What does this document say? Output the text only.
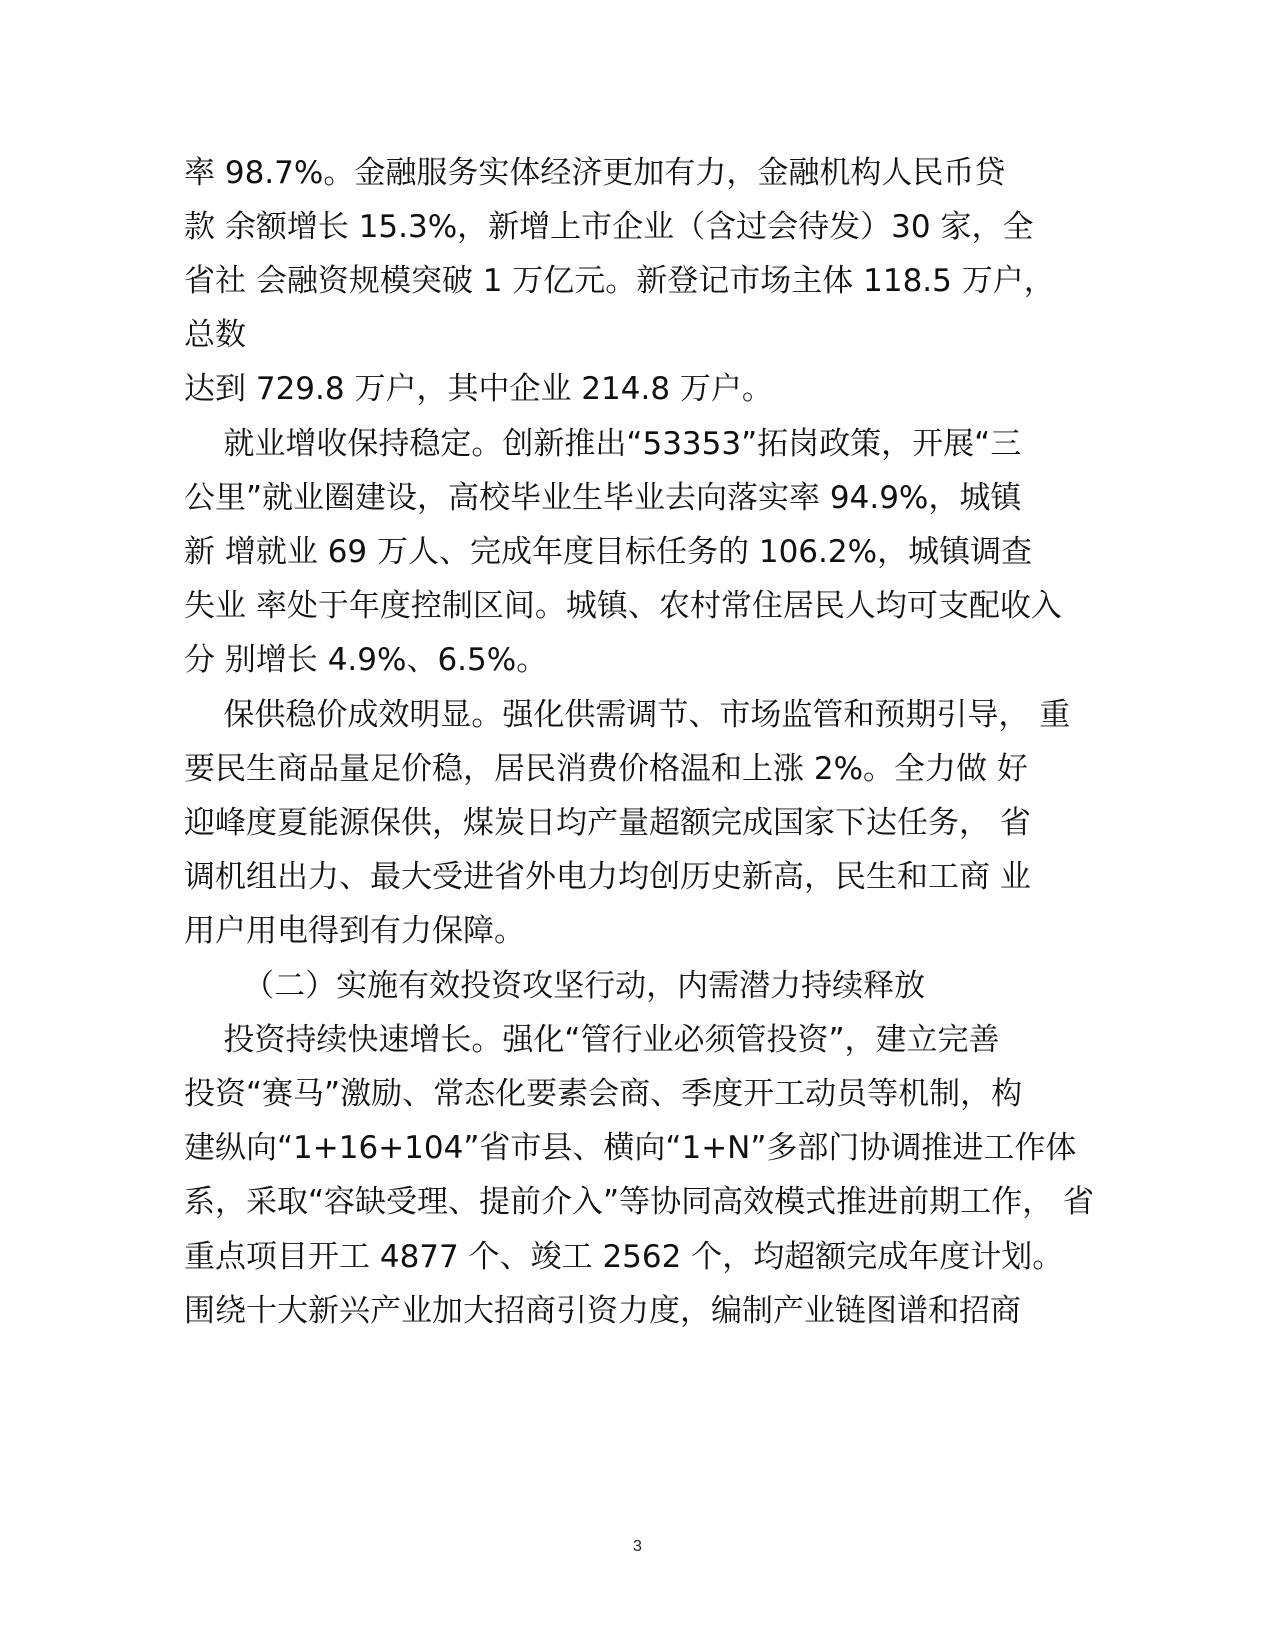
率 98.7%。金融服务实体经济更加有力，金融机构人民币贷
款 余额增长 15.3%，新增上市企业（含过会待发）30 家，全
省社 会融资规模突破 1 万亿元。新登记市场主体 118.5 万户，
总数
达到 729.8 万户，其中企业 214.8 万户。
就业增收保持稳定。创新推出“53353”拓岗政策，开展“三
公里”就业圈建设，高校毕业生毕业去向落实率 94.9%，城镇
新 增就业 69 万人、完成年度目标任务的 106.2%，城镇调查
失业 率处于年度控制区间。城镇、农村常住居民人均可支配收入
分 别增长 4.9%、6.5%。
保供稳价成效明显。强化供需调节、市场监管和预期引导， 重
要民生商品量足价稳，居民消费价格温和上涨 2%。全力做 好
迎峰度夏能源保供，煤炭日均产量超额完成国家下达任务， 省
调机组出力、最大受进省外电力均创历史新高，民生和工商 业
用户用电得到有力保障。
（二）实施有效投资攻坚行动，内需潜力持续释放
投资持续快速增长。强化“管行业必须管投资”，建立完善
投资“赛马”激励、常态化要素会商、季度开工动员等机制，构
建纵向“1+16+104”省市县、横向“1+N”多部门协调推进工作体
系，采取“容缺受理、提前介入”等协同高效模式推进前期工作， 省
重点项目开工 4877 个、竣工 2562 个，均超额完成年度计划。
围绕十大新兴产业加大招商引资力度，编制产业链图谱和招商
3
